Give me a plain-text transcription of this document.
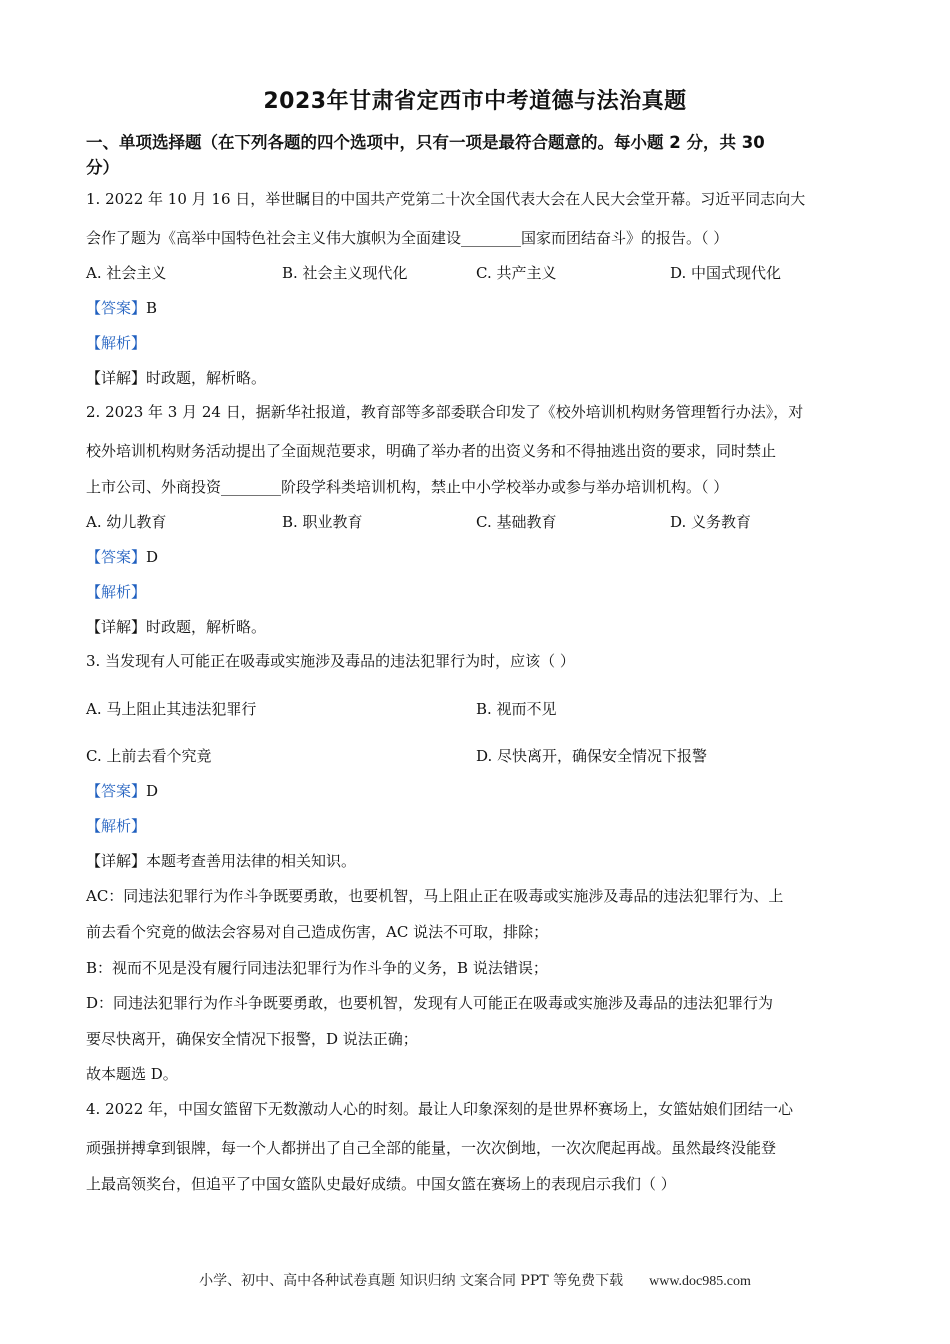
2023年甘肃省定西市中考道德与法治真题
一、单项选择题（在下列各题的四个选项中，只有一项是最符合题意的。每小题 2 分，共 30
分）
1. 2022 年 10 月 16 日，举世瞩目的中国共产党第二十次全国代表大会在人民大会堂开幕。习近平同志向大
会作了题为《高举中国特色社会主义伟大旗帜为全面建设________国家而团结奋斗》的报告。（ ）
A. 社会主义	B. 社会主义现代化	C. 共产主义	D. 中国式现代化
【答案】B
【解析】
【详解】时政题，解析略。
2. 2023 年 3 月 24 日，据新华社报道，教育部等多部委联合印发了《校外培训机构财务管理暂行办法》，对
校外培训机构财务活动提出了全面规范要求，明确了举办者的出资义务和不得抽逃出资的要求，同时禁止
上市公司、外商投资________阶段学科类培训机构，禁止中小学校举办或参与举办培训机构。（ ）
A. 幼儿教育	B. 职业教育	C. 基础教育	D. 义务教育
【答案】D
【解析】
【详解】时政题，解析略。
3. 当发现有人可能正在吸毒或实施涉及毒品的违法犯罪行为时，应该（ ）
A. 马上阻止其违法犯罪行	B. 视而不见
C. 上前去看个究竟	D. 尽快离开，确保安全情况下报警
【答案】D
【解析】
【详解】本题考查善用法律的相关知识。
AC：同违法犯罪行为作斗争既要勇敢，也要机智，马上阻止正在吸毒或实施涉及毒品的违法犯罪行为、上
前去看个究竟的做法会容易对自己造成伤害，AC 说法不可取，排除；
B：视而不见是没有履行同违法犯罪行为作斗争的义务，B 说法错误；
D：同违法犯罪行为作斗争既要勇敢，也要机智，发现有人可能正在吸毒或实施涉及毒品的违法犯罪行为
要尽快离开，确保安全情况下报警，D 说法正确；
故本题选 D。
4. 2022 年，中国女篮留下无数激动人心的时刻。最让人印象深刻的是世界杯赛场上，女篮姑娘们团结一心
顽强拼搏拿到银牌，每一个人都拼出了自己全部的能量，一次次倒地，一次次爬起再战。虽然最终没能登
上最高领奖台，但追平了中国女篮队史最好成绩。中国女篮在赛场上的表现启示我们（ ）
小学、初中、高中各种试卷真题 知识归纳 文案合同 PPT 等免费下载 www.doc985.com
